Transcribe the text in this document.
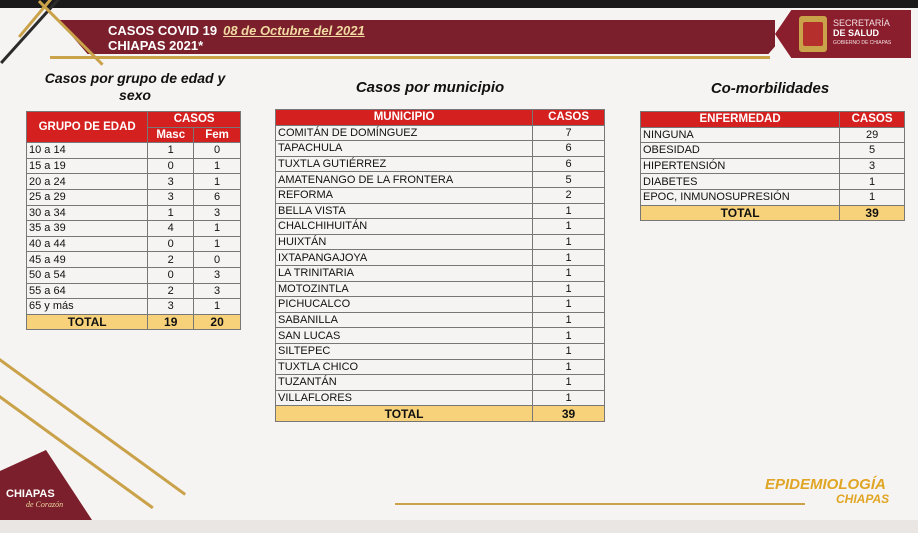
CASOS COVID 19 08 de Octubre del 2021
CHIAPAS 2021*
SECRETARÍA
DE SALUD
GOBIERNO DE CHIAPAS
Casos por grupo de edad y
sexo	Casos por municipio	Co-morbilidades
GRUPO DE EDAD	CASOS	
	Masc	Fem
10 a 14	1	0
15 a 19	0	1
20 a 24	3	1
25 a 29	3	6
30 a 34	1	3
35 a 39	4	1
40 a 44	0	1
45 a 49	2	0
50 a 54	0	3
55 a 64	2	3
65 y más	3	1
TOTAL	19	20
MUNICIPIO	CASOS
COMITÁN DE DOMÍNGUEZ	7
TAPACHULA	6
TUXTLA GUTIÉRREZ	6
AMATENANGO DE LA FRONTERA	5
REFORMA	2
BELLA VISTA	1
CHALCHIHUITÁN	1
HUIXTÁN	1
IXTAPANGAJOYA	1
LA TRINITARIA	1
MOTOZINTLA	1
PICHUCALCO	1
SABANILLA	1
SAN LUCAS	1
SILTEPEC	1
TUXTLA CHICO	1
TUZANTÁN	1
VILLAFLORES	1
TOTAL	39
ENFERMEDAD	CASOS
NINGUNA	29
OBESIDAD	5
HIPERTENSIÓN	3
DIABETES	1
EPOC, INMUNOSUPRESIÓN	1
TOTAL	39
CHIAPAS
de Corazón
EPIDEMIOLOGÍA
CHIAPAS
